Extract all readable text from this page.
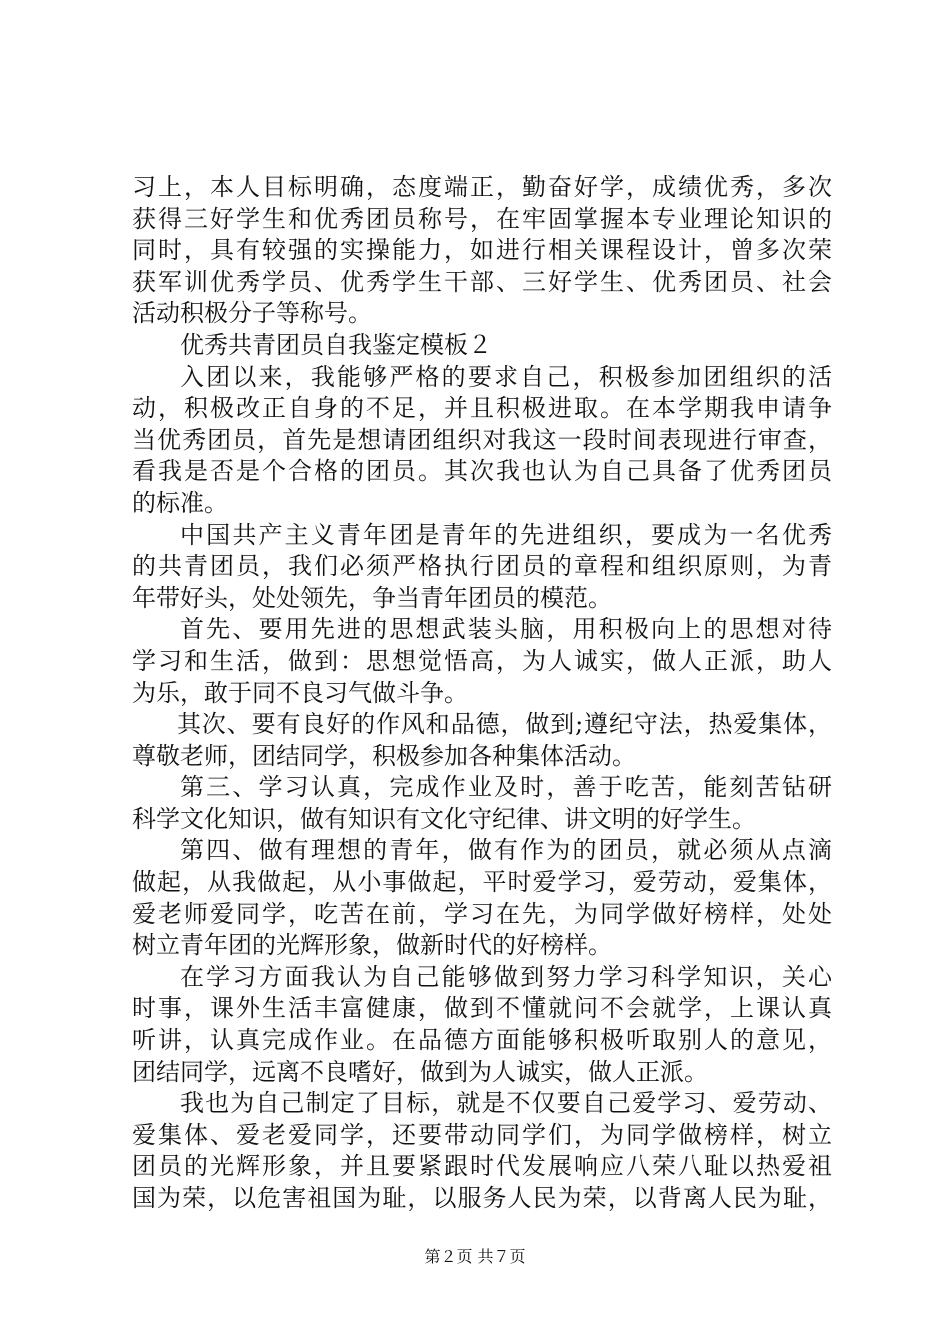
习上，本人目标明确，态度端正，勤奋好学，成绩优秀，多次
获得三好学生和优秀团员称号，在牢固掌握本专业理论知识的
同时，具有较强的实操能力，如进行相关课程设计，曾多次荣
获军训优秀学员、优秀学生干部、三好学生、优秀团员、社会
活动积极分子等称号。
优秀共青团员自我鉴定模板２
入团以来，我能够严格的要求自己，积极参加团组织的活
动，积极改正自身的不足，并且积极进取。在本学期我申请争
当优秀团员，首先是想请团组织对我这一段时间表现进行审查，
看我是否是个合格的团员。其次我也认为自己具备了优秀团员
的标准。
中国共产主义青年团是青年的先进组织，要成为一名优秀
的共青团员，我们必须严格执行团员的章程和组织原则，为青
年带好头，处处领先，争当青年团员的模范。
首先、要用先进的思想武装头脑，用积极向上的思想对待
学习和生活，做到：思想觉悟高，为人诚实，做人正派，助人
为乐，敢于同不良习气做斗争。
其次、要有良好的作风和品德，做到;遵纪守法，热爱集体，
尊敬老师，团结同学，积极参加各种集体活动。
第三、学习认真，完成作业及时，善于吃苦，能刻苦钻研
科学文化知识，做有知识有文化守纪律、讲文明的好学生。
第四、做有理想的青年，做有作为的团员，就必须从点滴
做起，从我做起，从小事做起，平时爱学习，爱劳动，爱集体，
爱老师爱同学，吃苦在前，学习在先，为同学做好榜样，处处
树立青年团的光辉形象，做新时代的好榜样。
在学习方面我认为自己能够做到努力学习科学知识，关心
时事，课外生活丰富健康，做到不懂就问不会就学，上课认真
听讲，认真完成作业。在品德方面能够积极听取别人的意见，
团结同学，远离不良嗜好，做到为人诚实，做人正派。
我也为自己制定了目标，就是不仅要自己爱学习、爱劳动、
爱集体、爱老爱同学，还要带动同学们，为同学做榜样，树立
团员的光辉形象，并且要紧跟时代发展响应八荣八耻以热爱祖
国为荣，以危害祖国为耻，以服务人民为荣，以背离人民为耻，
第２页 共７页
